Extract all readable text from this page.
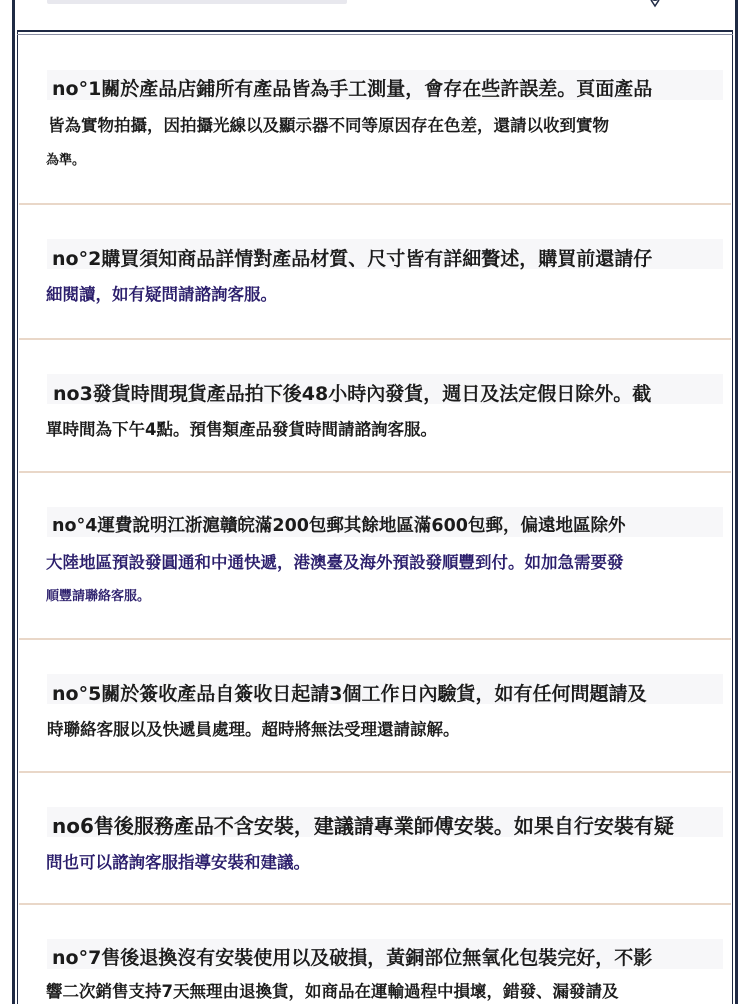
no°1關於產品店鋪所有產品皆為手工測量，會存在些許誤差。頁面產品
皆為實物拍攝，因拍攝光線以及顯示器不同等原因存在色差，還請以收到實物
為準。
no°2購買須知商品詳情對產品材質、尺寸皆有詳細贅述，購買前還請仔
細閱讀，如有疑問請諮詢客服。
no3發貨時間現貨產品拍下後48小時內發貨，週日及法定假日除外。截
單時間為下午4點。預售類產品發貨時間請諮詢客服。
no°4運費說明江浙滬贛皖滿200包郵其餘地區滿600包郵，偏遠地區除外
大陸地區預設發圓通和中通快遞，港澳臺及海外預設發順豐到付。如加急需要發
順豐請聯絡客服。
no°5關於簽收產品自簽收日起請3個工作日內驗貨，如有任何問題請及
時聯絡客服以及快遞員處理。超時將無法受理還請諒解。
no6售後服務產品不含安裝，建議請專業師傅安裝。如果自行安裝有疑
問也可以諮詢客服指導安裝和建議。
no°7售後退換沒有安裝使用以及破損，黃銅部位無氧化包裝完好，不影
響二次銷售支持7天無理由退換貨，如商品在運輸過程中損壞，錯發、漏發請及
